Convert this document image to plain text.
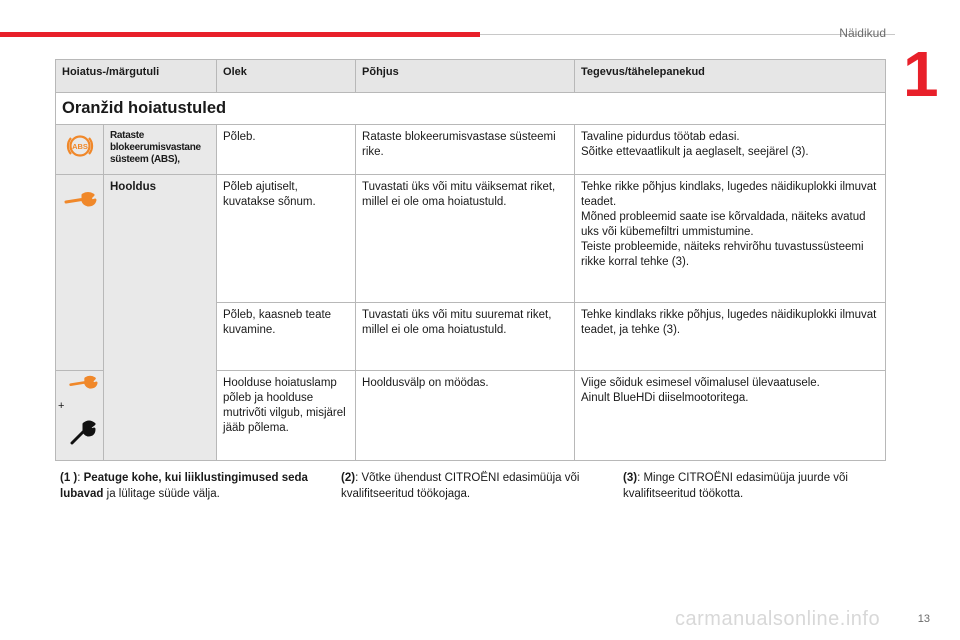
Näidikud
1
Hoiatus-/märgutuli		Olek	Põhjus	Tegevus/tähelepanekud
Oranžid hoiatustuled				

ABS	Rataste blokeerumisvastane süsteem (ABS),	Põleb.	Rataste blokeerumisvastase süsteemi rike.	Tavaline pidurdus töötab edasi.
Sõitke ettevaatlikult ja aeglaselt, seejärel (3).
	Hooldus	Põleb ajutiselt, kuvatakse sõnum.	Tuvastati üks või mitu väiksemat riket, millel ei ole oma hoiatustuld.	Tehke rikke põhjus kindlaks, lugedes näidikuplokki ilmuvat teadet.
Mõned probleemid saate ise kõrvaldada, näiteks avatud uks või kübemefiltri ummistumine.
Teiste probleemide, näiteks rehvirõhu tuvastussüsteemi rikke korral tehke (3).
		Põleb, kaasneb teate kuvamine.	Tuvastati üks või mitu suuremat riket, millel ei ole oma hoiatustuld.	Tehke kindlaks rikke põhjus, lugedes näidikuplokki ilmuvat teadet, ja tehke (3).

+		Hoolduse hoiatuslamp põleb ja hoolduse mutrivõti vilgub, misjärel jääb põlema.	Hooldusvälp on möödas.	Viige sõiduk esimesel võimalusel ülevaatusele.
Ainult BlueHDi diiselmootoritega.
(1 ): Peatuge kohe, kui liiklustingimused seda lubavad ja lülitage süüde välja.
(2): Võtke ühendust CITROËNI edasimüüja või kvalifitseeritud töökojaga.
(3): Minge CITROËNI edasimüüja juurde või kvalifitseeritud töökotta.
carmanualsonline.info	13
